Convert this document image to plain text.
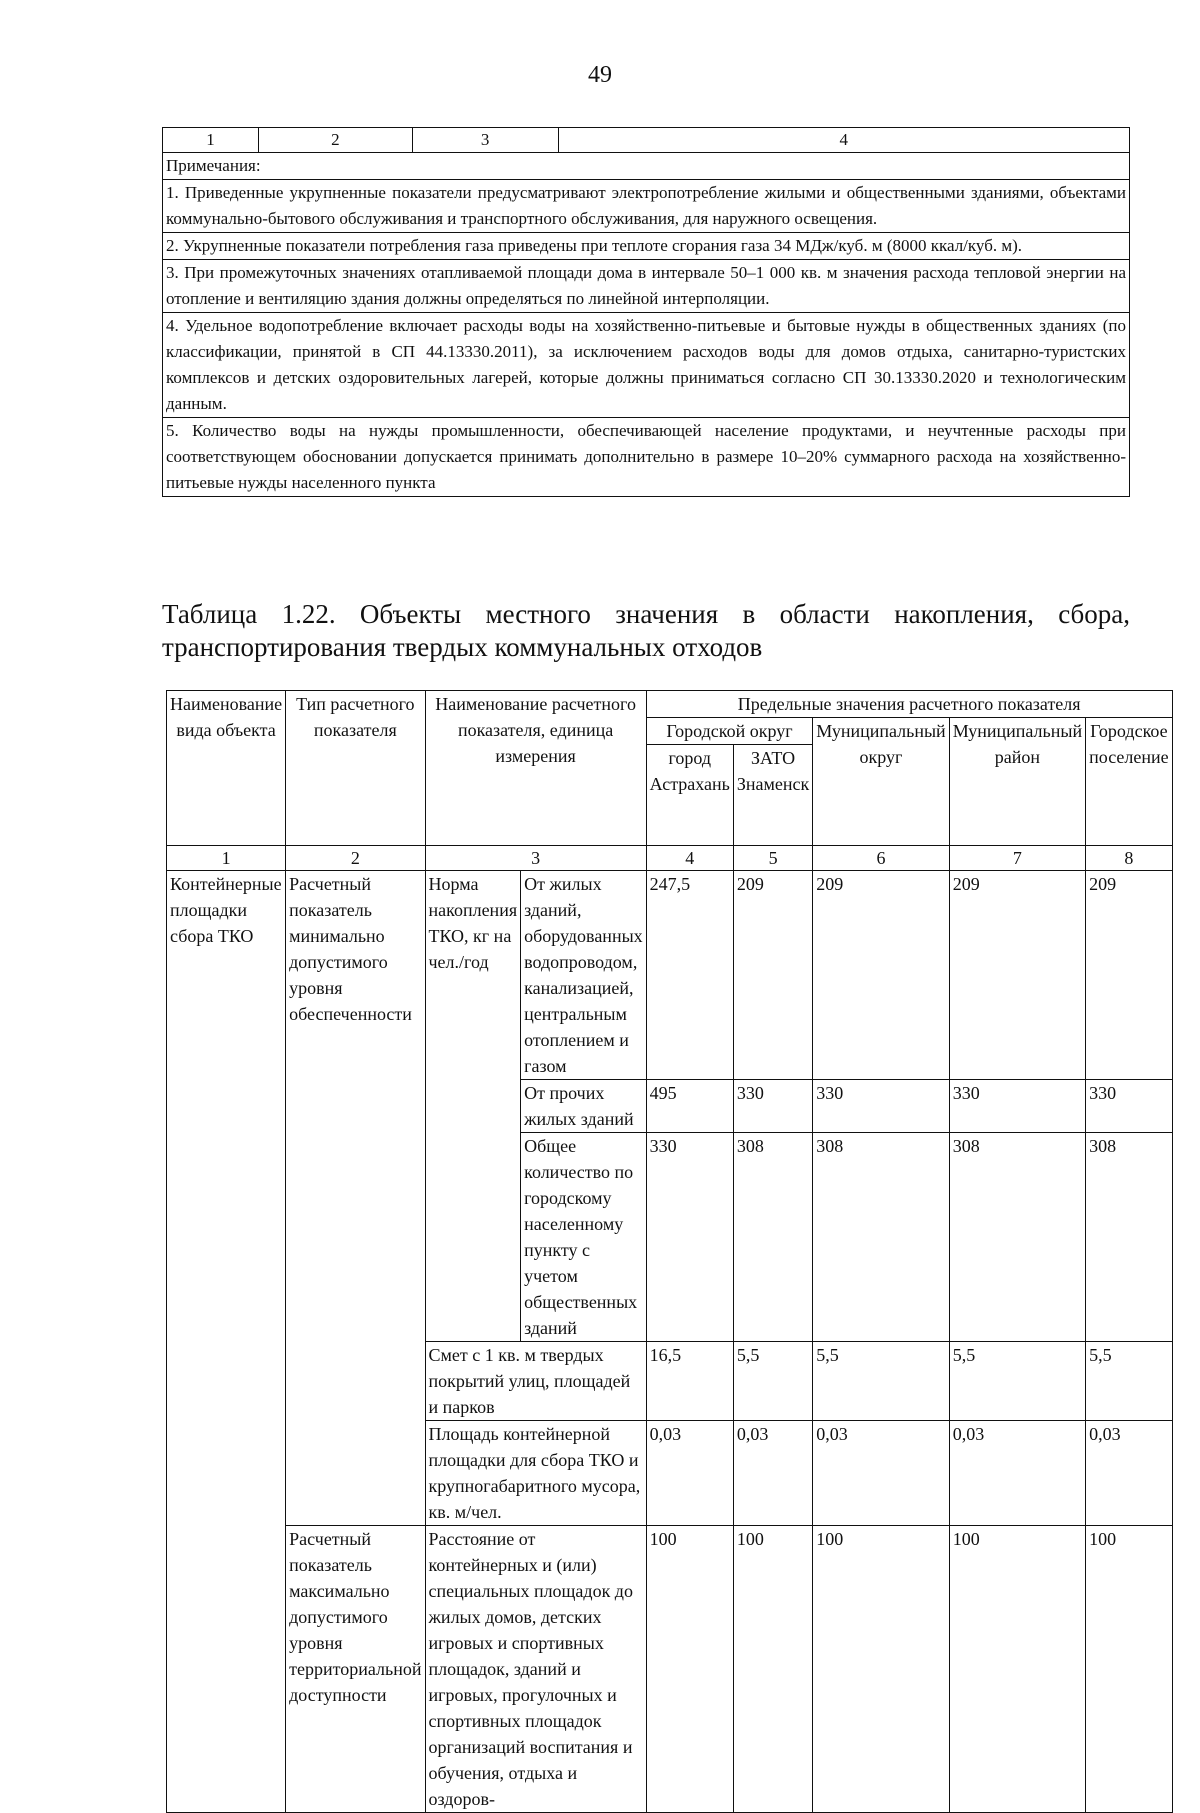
49
1	2	3	4
Примечания:
1. Приведенные укрупненные показатели предусматривают электропотребление жилыми и общественными зданиями, объектами коммунально-бытового обслуживания и транспортного обслуживания, для наружного освещения.
2. Укрупненные показатели потребления газа приведены при теплоте сгорания газа 34 МДж/куб. м (8000 ккал/куб. м).
3. При промежуточных значениях отапливаемой площади дома в интервале 50–1 000 кв. м значения расхода тепловой энергии на отопление и вентиляцию здания должны определяться по линейной интерполяции.
4. Удельное водопотребление включает расходы воды на хозяйственно-питьевые и бытовые нужды в общественных зданиях (по классификации, принятой в СП 44.13330.2011), за исключением расходов воды для домов отдыха, санитарно-туристских комплексов и детских оздоровительных лагерей, которые должны приниматься согласно СП 30.13330.2020 и технологическим данным.
5. Количество воды на нужды промышленности, обеспечивающей население продуктами, и неучтенные расходы при соответствующем обосновании допускается принимать дополнительно в размере 10–20% суммарного расхода на хозяйственно-питьевые нужды населенного пункта
Таблица 1.22. Объекты местного значения в области накопления, сбора, транспортирования твердых коммунальных отходов
Наименование вида объекта	Тип расчетного показателя	Наименование расчетного показателя, единица измерения		Предельные значения расчетного показателя				
				Городской округ		Муниципальный округ	Муниципальный район	Городское поселение
				город Астрахань	ЗАТО Знаменск			
1	2	3		4	5	6	7	8
Контейнерные площадки сбора ТКО	Расчетный показатель минимально допустимого уровня обеспеченности	Норма накопления ТКО, кг на чел./год	От жилых зданий, оборудованных водопроводом, канализацией, центральным отоплением и газом	247,5	209	209	209	209
			От прочих жилых зданий	495	330	330	330	330
			Общее количество по городскому населенному пункту с учетом общественных зданий	330	308	308	308	308
		Смет с 1 кв. м твердых покрытий улиц, площадей и парков		16,5	5,5	5,5	5,5	5,5
		Площадь контейнерной площадки для сбора ТКО и крупногабаритного мусора, кв. м/чел.		0,03	0,03	0,03	0,03	0,03
	Расчетный показатель максимально допустимого уровня территориальной доступности	Расстояние от контейнерных и (или) специальных площадок до жилых домов, детских игровых и спортивных площадок, зданий и игровых, прогулочных и спортивных площадок организаций воспитания и обучения, отдыха и оздоров-		100	100	100	100	100
